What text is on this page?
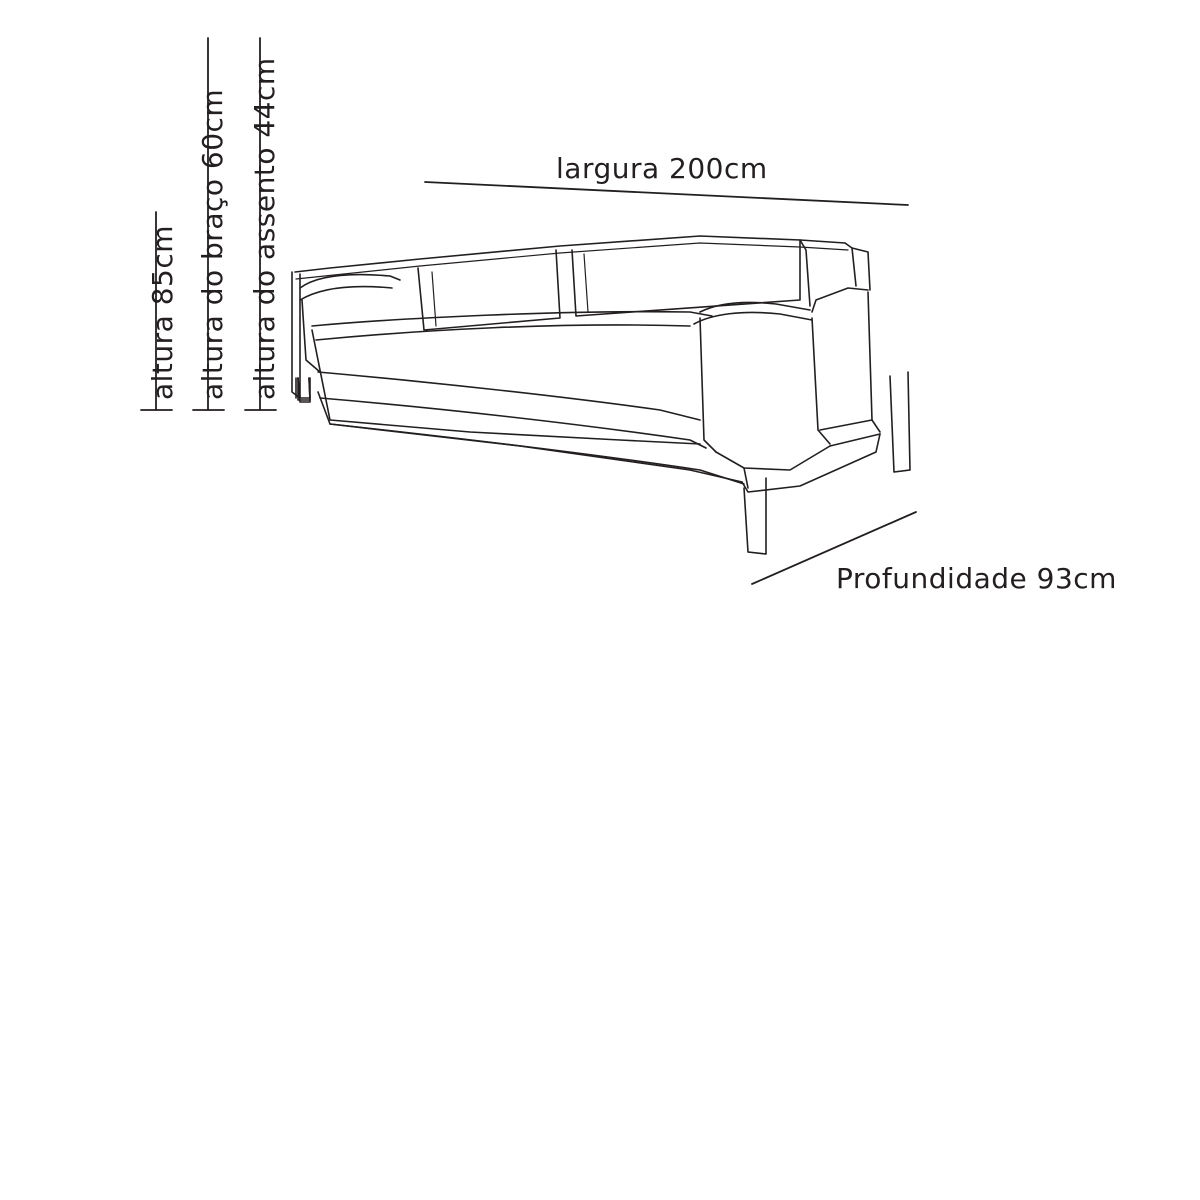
altura 85cm altura do braço 60cm altura do assento 44cm	largura 200cm
Profundidade 93cm
